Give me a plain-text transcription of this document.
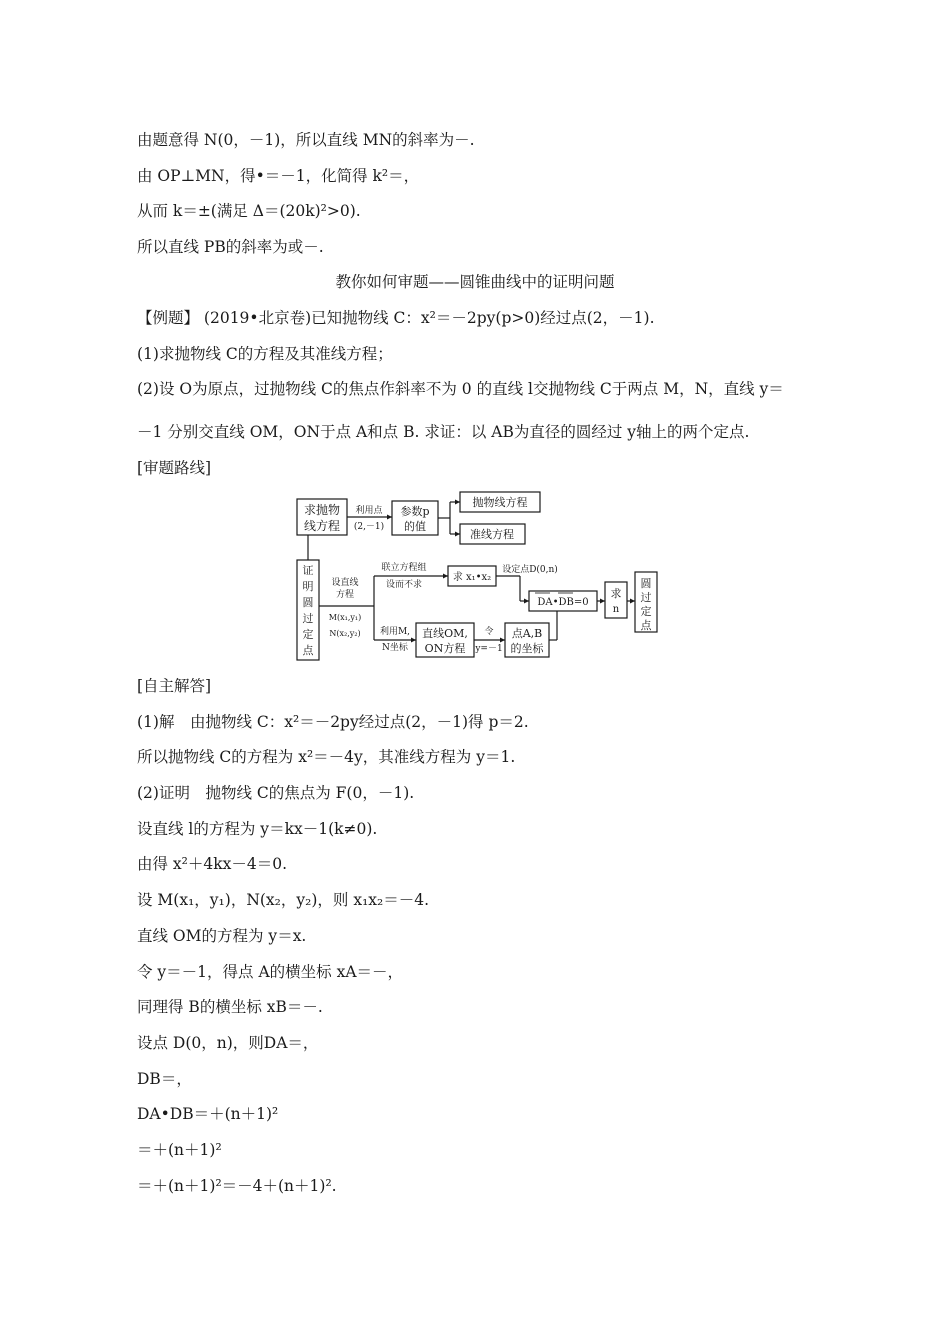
由题意得 N(0，－1)，所以直线 MN的斜率为－.
由 OP⊥MN，得•＝－1，化简得 k²＝，
从而 k＝±(满足 Δ＝(20k)²>0).
所以直线 PB的斜率为或－.
教你如何审题——圆锥曲线中的证明问题
【例题】 (2019•北京卷)已知抛物线 C：x²＝－2py(p>0)经过点(2，－1).
(1)求抛物线 C的方程及其准线方程；
(2)设 O为原点，过抛物线 C的焦点作斜率不为 0 的直线 l交抛物线 C于两点 M，N，直线 y＝
－1 分别交直线 OM，ON于点 A和点 B. 求证：以 AB为直径的圆经过 y轴上的两个定点.
[审题路线]
求抛物
线方程
利用点
(2,－1)
参数p
的值
抛物线方程
准线方程
证
明
圆
过
定
点
设直线
方程
M(x₁,y₁)
N(x₂,y₂)
联立方程组
设而不求
求 x₁•x₂
设定点D(0,n)
DA•DB=0
求
n
圆
过
定
点
利用M,
N坐标
直线OM,
ON方程
令
y=－1
点A,B
的坐标
[自主解答]
(1)解　由抛物线 C：x²＝－2py经过点(2，－1)得 p＝2.
所以抛物线 C的方程为 x²＝－4y，其准线方程为 y＝1.
(2)证明　抛物线 C的焦点为 F(0，－1).
设直线 l的方程为 y＝kx－1(k≠0).
由得 x²＋4kx－4＝0.
设 M(x₁，y₁)，N(x₂，y₂)，则 x₁x₂＝－4.
直线 OM的方程为 y＝x.
令 y＝－1，得点 A的横坐标 xA＝－，
同理得 B的横坐标 xB＝－.
设点 D(0，n)，则DA＝，
DB＝，
DA•DB＝＋(n＋1)²
＝＋(n＋1)²
＝＋(n＋1)²＝－4＋(n＋1)².
